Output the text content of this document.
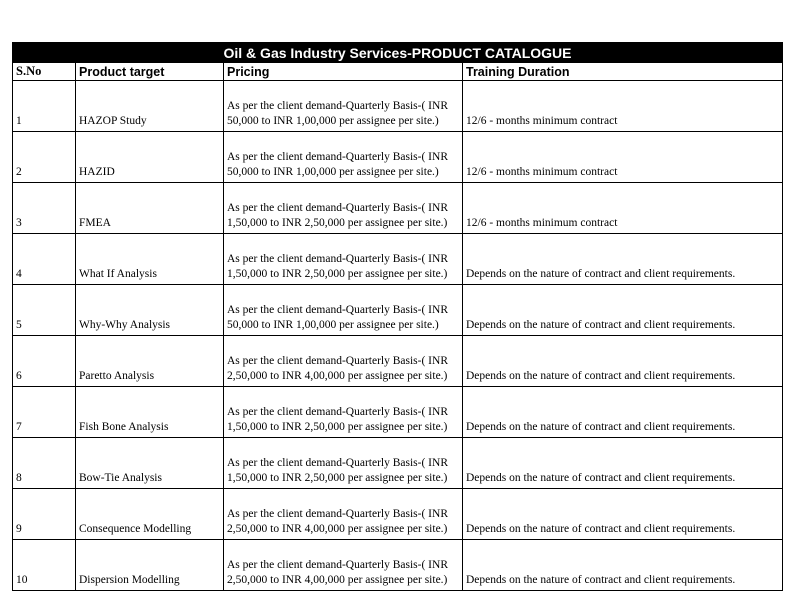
Oil & Gas Industry Services-PRODUCT CATALOGUE			
S.No	Product target	Pricing	Training Duration
1	HAZOP Study	As per the client demand-Quarterly Basis-( INR
50,000 to INR 1,00,000 per assignee per site.)	12/6 - months minimum contract
2	HAZID	As per the client demand-Quarterly Basis-( INR
50,000 to INR 1,00,000 per assignee per site.)	12/6 - months minimum contract
3	FMEA	As per the client demand-Quarterly Basis-( INR
1,50,000 to INR 2,50,000 per assignee per site.)	12/6 - months minimum contract
4	What If Analysis	As per the client demand-Quarterly Basis-( INR
1,50,000 to INR 2,50,000 per assignee per site.)	Depends on the nature of contract and client requirements.
5	Why-Why Analysis	As per the client demand-Quarterly Basis-( INR
50,000 to INR 1,00,000 per assignee per site.)	Depends on the nature of contract and client requirements.
6	Paretto Analysis	As per the client demand-Quarterly Basis-( INR
2,50,000 to INR 4,00,000 per assignee per site.)	Depends on the nature of contract and client requirements.
7	Fish Bone Analysis	As per the client demand-Quarterly Basis-( INR
1,50,000 to INR 2,50,000 per assignee per site.)	Depends on the nature of contract and client requirements.
8	Bow-Tie Analysis	As per the client demand-Quarterly Basis-( INR
1,50,000 to INR 2,50,000 per assignee per site.)	Depends on the nature of contract and client requirements.
9	Consequence Modelling	As per the client demand-Quarterly Basis-( INR
2,50,000 to INR 4,00,000 per assignee per site.)	Depends on the nature of contract and client requirements.
10	Dispersion Modelling	As per the client demand-Quarterly Basis-( INR
2,50,000 to INR 4,00,000 per assignee per site.)	Depends on the nature of contract and client requirements.
